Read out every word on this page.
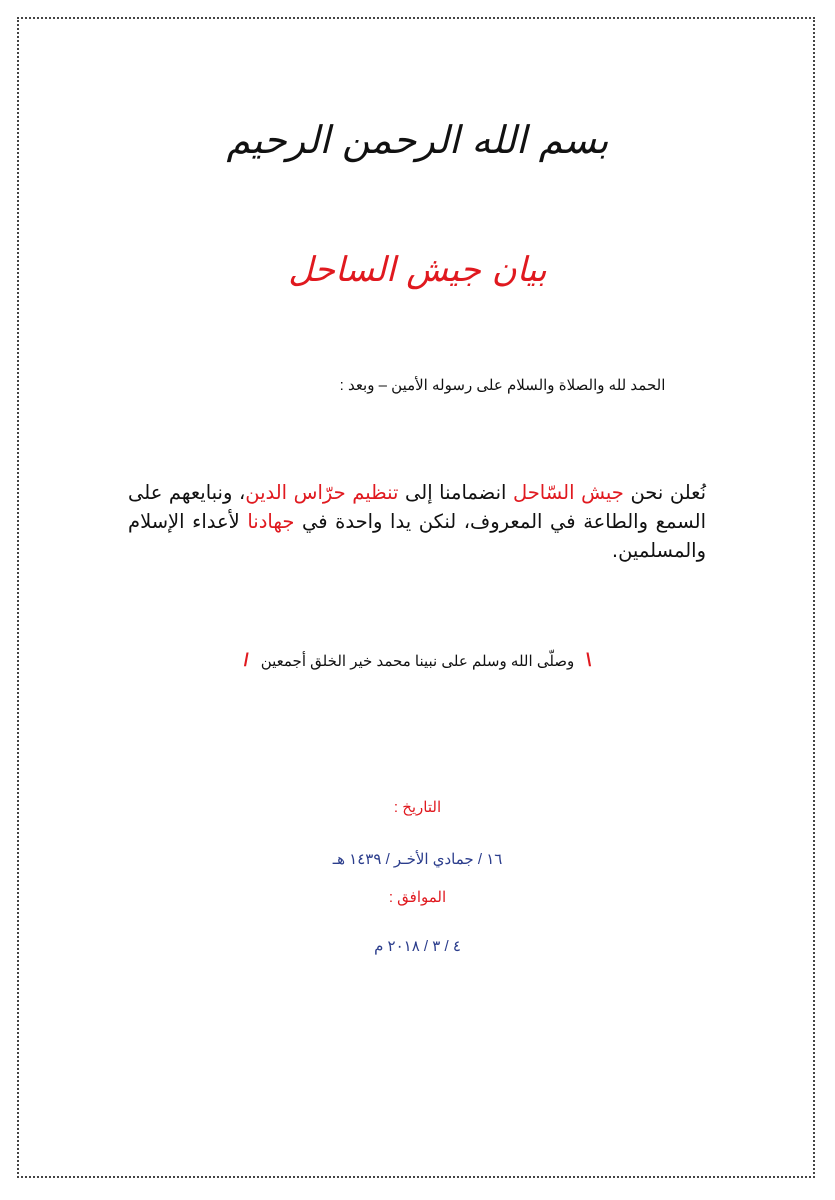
بسم الله الرحمن الرحيم
بيان جيش الساحل
الحمد لله والصلاة والسلام على رسوله الأمين – وبعد :
نُعلن نحن جيش السّاحل انضمامنا إلى تنظيم حرّاس الدين، ونبايعهم على السمع والطاعة في المعروف، لنكن يدا واحدة في جهادنا لأعداء الإسلام والمسلمين.
\وصلّى الله وسلم على نبينا محمد خير الخلق أجمعين/
التاريخ :
١٦ / جمادي الأخـر / ١٤٣٩ هـ
الموافق :
٤ / ٣ / ٢٠١٨ م
